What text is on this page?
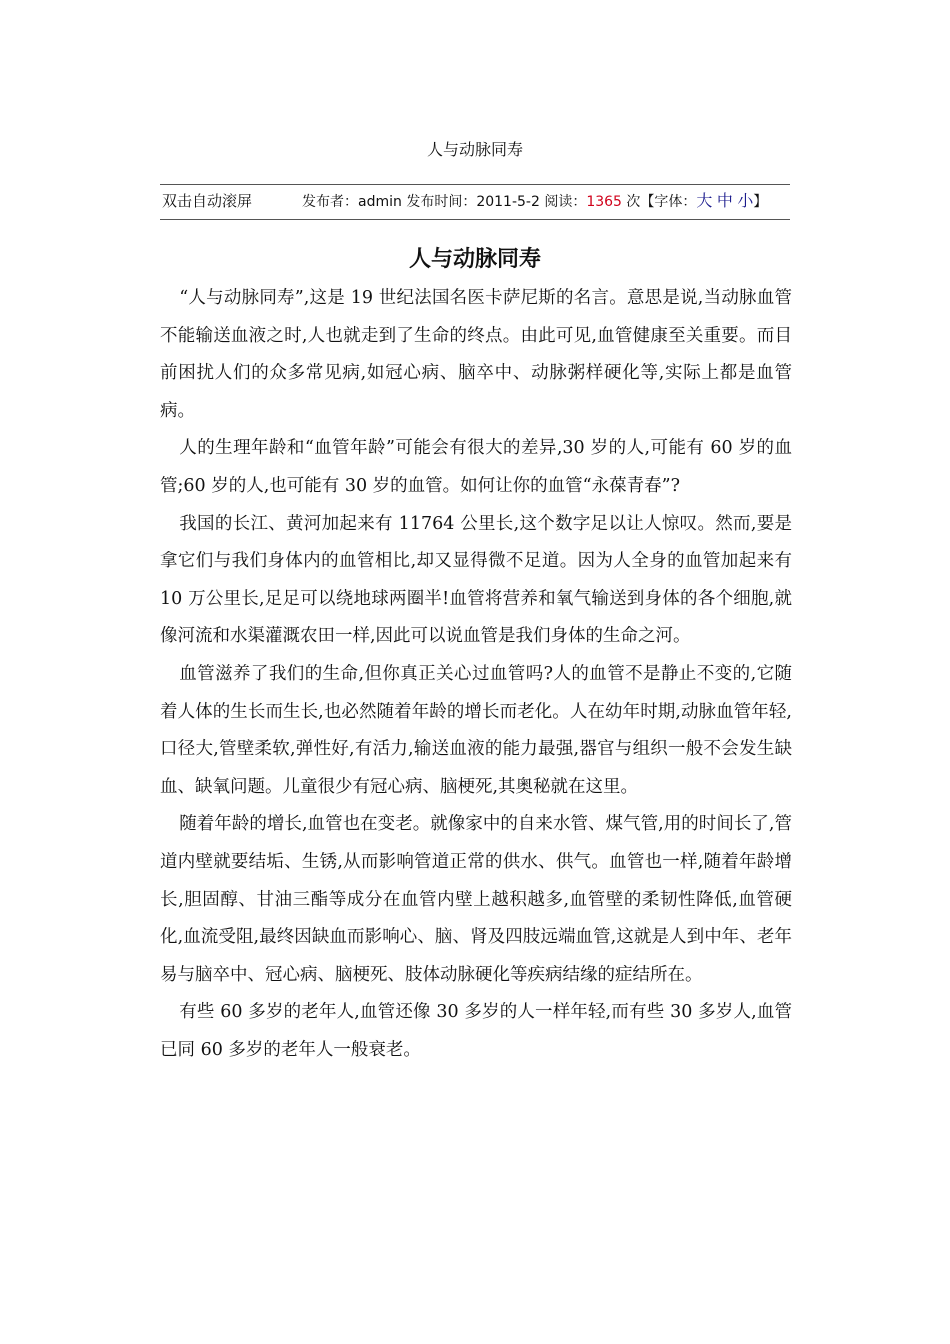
人与动脉同寿
双击自动滚屏	发布者：admin 发布时间：2011-5-2 阅读：1365 次【字体：大 中 小】
人与动脉同寿

“人与动脉同寿”,这是 19 世纪法国名医卡萨尼斯的名言。意思是说,当动脉血管不能输送血液之时,人也就走到了生命的终点。由此可见,血管健康至关重要。而目前困扰人们的众多常见病,如冠心病、脑卒中、动脉粥样硬化等,实际上都是血管病。

人的生理年龄和“血管年龄”可能会有很大的差异,30 岁的人,可能有 60 岁的血管;60 岁的人,也可能有 30 岁的血管。如何让你的血管“永葆青春”?

我国的长江、黄河加起来有 11764 公里长,这个数字足以让人惊叹。然而,要是拿它们与我们身体内的血管相比,却又显得微不足道。因为人全身的血管加起来有 10 万公里长,足足可以绕地球两圈半!血管将营养和氧气输送到身体的各个细胞,就像河流和水渠灌溉农田一样,因此可以说血管是我们身体的生命之河。

血管滋养了我们的生命,但你真正关心过血管吗?人的血管不是静止不变的,它随着人体的生长而生长,也必然随着年龄的增长而老化。人在幼年时期,动脉血管年轻,口径大,管壁柔软,弹性好,有活力,输送血液的能力最强,器官与组织一般不会发生缺血、缺氧问题。儿童很少有冠心病、脑梗死,其奥秘就在这里。

随着年龄的增长,血管也在变老。就像家中的自来水管、煤气管,用的时间长了,管道内壁就要结垢、生锈,从而影响管道正常的供水、供气。血管也一样,随着年龄增长,胆固醇、甘油三酯等成分在血管内壁上越积越多,血管壁的柔韧性降低,血管硬化,血流受阻,最终因缺血而影响心、脑、肾及四肢远端血管,这就是人到中年、老年易与脑卒中、冠心病、脑梗死、肢体动脉硬化等疾病结缘的症结所在。

有些 60 多岁的老年人,血管还像 30 多岁的人一样年轻,而有些 30 多岁人,血管已同 60 多岁的老年人一般衰老。
